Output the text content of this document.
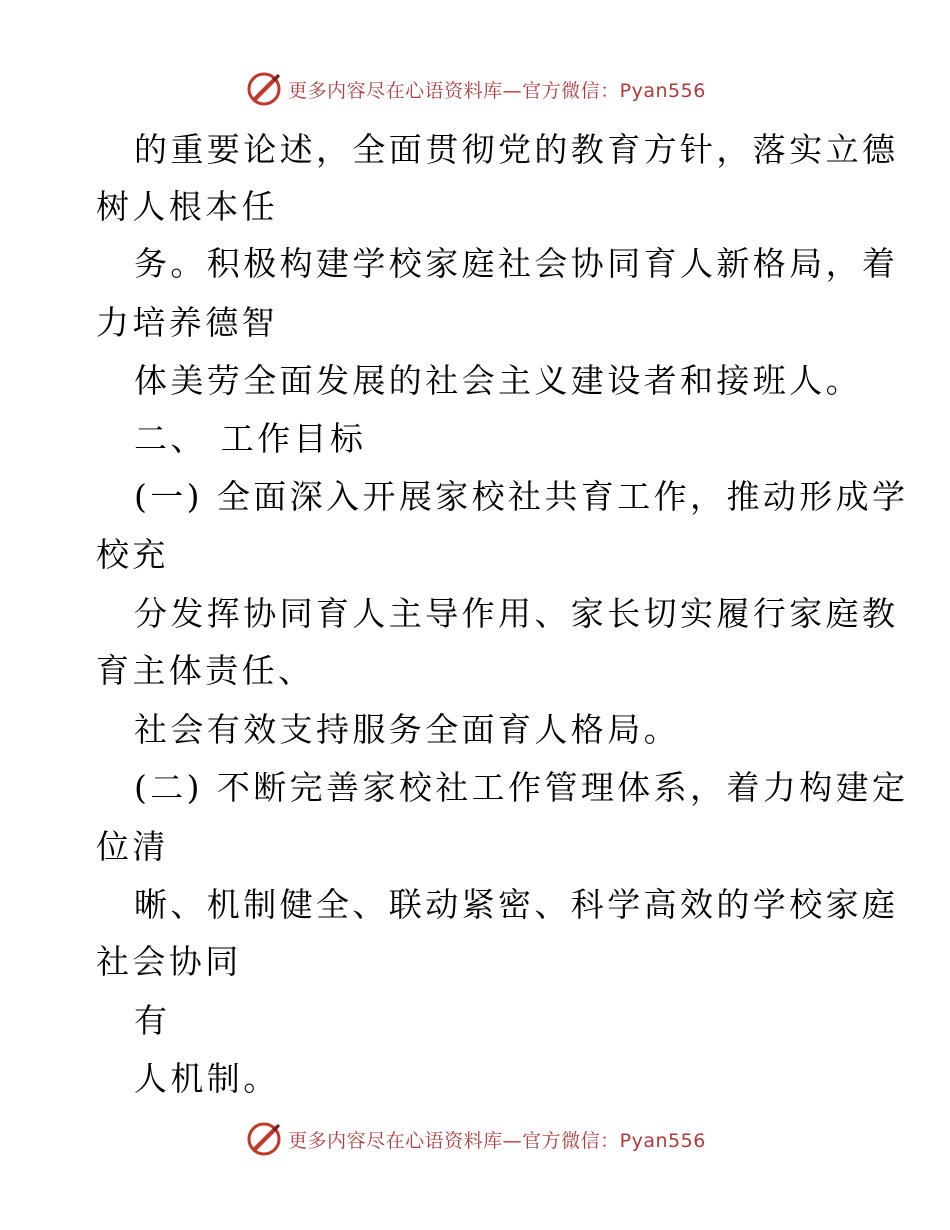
更多内容尽在心语资料库—官方微信：Pyan556
的重要论述，全面贯彻党的教育方针，落实立德
树人根本任
务。积极构建学校家庭社会协同育人新格局，着
力培养德智
体美劳全面发展的社会主义建设者和接班人。
二、 工作目标
(一) 全面深入开展家校社共育工作，推动形成学
校充
分发挥协同育人主导作用、家长切实履行家庭教
育主体责任、
社会有效支持服务全面育人格局。
(二) 不断完善家校社工作管理体系，着力构建定
位清
晰、机制健全、联动紧密、科学高效的学校家庭
社会协同
有
人机制。
更多内容尽在心语资料库—官方微信：Pyan556
